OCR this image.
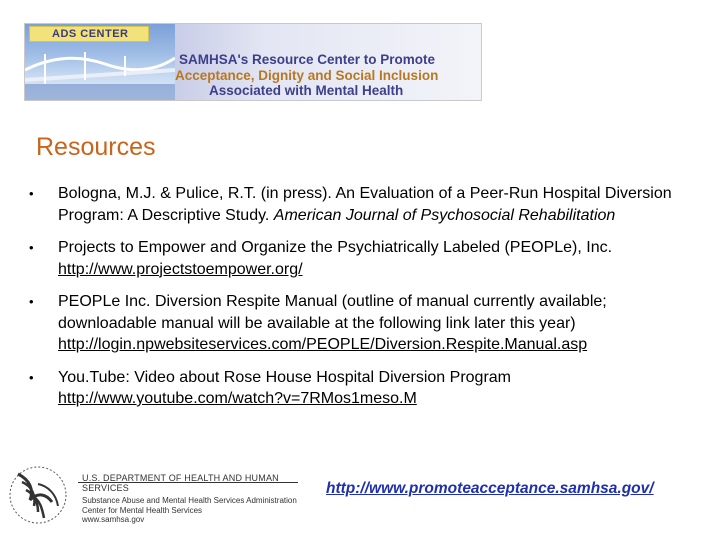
ADS CENTER
SAMHSA's Resource Center to Promote
Acceptance, Dignity and Social Inclusion
Associated with Mental Health
Resources
• Bologna, M.J. & Pulice, R.T. (in press). An Evaluation of a Peer-Run Hospital Diversion Program: A Descriptive Study. American Journal of Psychosocial Rehabilitation
• Projects to Empower and Organize the Psychiatrically Labeled (PEOPLe), Inc.
http://www.projectstoempower.org/
• PEOPLe Inc. Diversion Respite Manual (outline of manual currently available; downloadable manual will be available at the following link later this year)
http://login.npwebsiteservices.com/PEOPLE/Diversion.Respite.Manual.asp
• You.Tube: Video about Rose House Hospital Diversion Program
http://www.youtube.com/watch?v=7RMos1meso.M
U.S. DEPARTMENT OF HEALTH AND HUMAN SERVICES
Substance Abuse and Mental Health Services Administration
Center for Mental Health Services
www.samhsa.gov
http://www.promoteacceptance.samhsa.gov/
